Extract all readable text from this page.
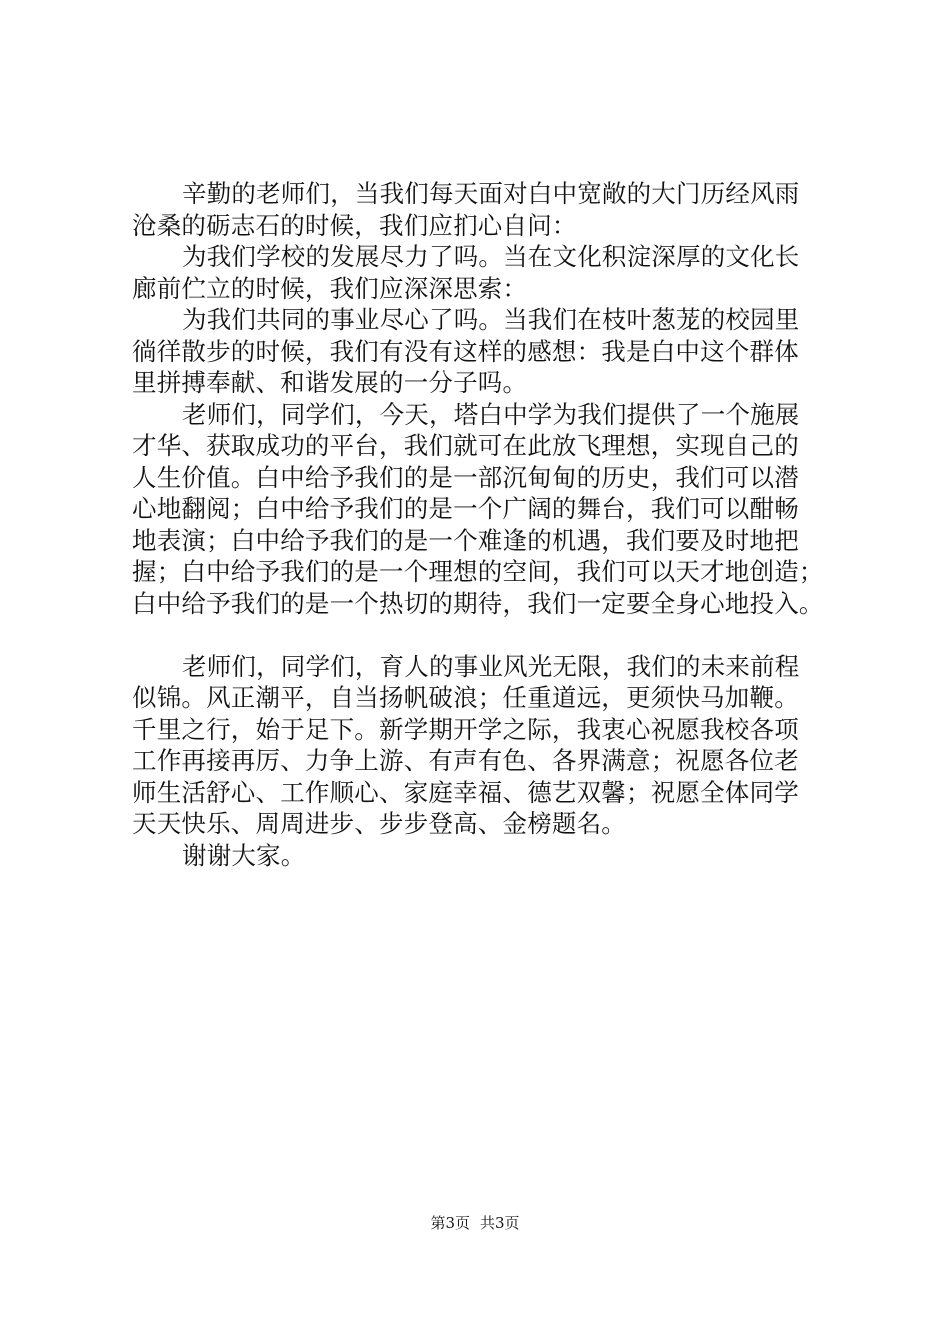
辛勤的老师们，当我们每天面对白中宽敞的大门历经风雨
沧桑的砺志石的时候，我们应扪心自问：
为我们学校的发展尽力了吗。当在文化积淀深厚的文化长
廊前伫立的时候，我们应深深思索：
为我们共同的事业尽心了吗。当我们在枝叶葱茏的校园里
徜徉散步的时候，我们有没有这样的感想：我是白中这个群体
里拼搏奉献、和谐发展的一分子吗。
老师们，同学们，今天，塔白中学为我们提供了一个施展
才华、获取成功的平台，我们就可在此放飞理想，实现自己的
人生价值。白中给予我们的是一部沉甸甸的历史，我们可以潜
心地翻阅；白中给予我们的是一个广阔的舞台，我们可以酣畅
地表演；白中给予我们的是一个难逢的机遇，我们要及时地把
握；白中给予我们的是一个理想的空间，我们可以天才地创造；
白中给予我们的是一个热切的期待，我们一定要全身心地投入。
老师们，同学们，育人的事业风光无限，我们的未来前程
似锦。风正潮平，自当扬帆破浪；任重道远，更须快马加鞭。
千里之行，始于足下。新学期开学之际，我衷心祝愿我校各项
工作再接再厉、力争上游、有声有色、各界满意；祝愿各位老
师生活舒心、工作顺心、家庭幸福、德艺双馨；祝愿全体同学
天天快乐、周周进步、步步登高、金榜题名。
谢谢大家。
第3页 共3页
